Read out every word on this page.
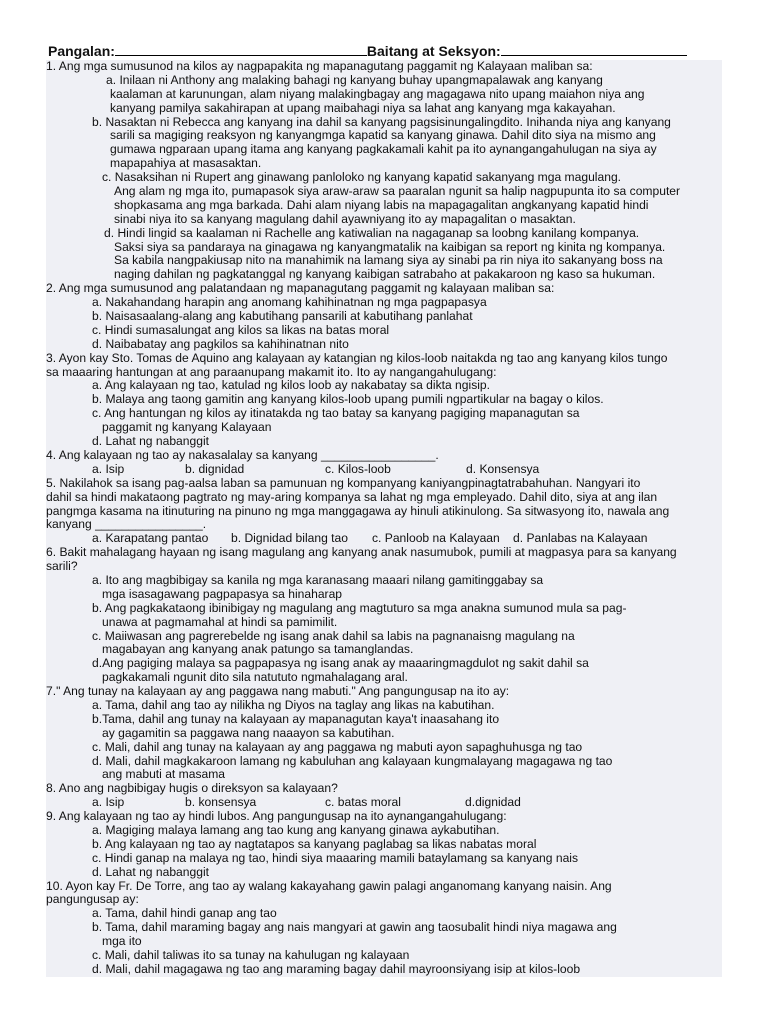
Pangalan:	Baitang at Seksyon:
1. Ang mga sumusunod na kilos ay nagpapakita ng mapanagutang paggamit ng Kalayaan maliban sa:
a. Inilaan ni Anthony ang malaking bahagi ng kanyang buhay upangmapalawak ang kanyang
kaalaman at karunungan, alam niyang malakingbagay ang magagawa nito upang maiahon niya ang
kanyang pamilya sakahirapan at upang maibahagi niya sa lahat ang kanyang mga kakayahan.
b. Nasaktan ni Rebecca ang kanyang ina dahil sa kanyang pagsisinungalingdito. Inihanda niya ang kanyang
sarili sa magiging reaksyon ng kanyangmga kapatid sa kanyang ginawa. Dahil dito siya na mismo ang
gumawa ngparaan upang itama ang kanyang pagkakamali kahit pa ito aynangangahulugan na siya ay
mapapahiya at masasaktan.
c. Nasaksihan ni Rupert ang ginawang panloloko ng kanyang kapatid sakanyang mga magulang.
Ang alam ng mga ito, pumapasok siya araw-araw sa paaralan ngunit sa halip nagpupunta ito sa computer
shopkasama ang mga barkada. Dahi alam niyang labis na mapagagalitan angkanyang kapatid hindi
sinabi niya ito sa kanyang magulang dahil ayawniyang ito ay mapagalitan o masaktan.
d. Hindi lingid sa kaalaman ni Rachelle ang katiwalian na nagaganap sa loobng kanilang kompanya.
Saksi siya sa pandaraya na ginagawa ng kanyangmatalik na kaibigan sa report ng kinita ng kompanya.
Sa kabila nangpakiusap nito na manahimik na lamang siya ay sinabi pa rin niya ito sakanyang boss na
naging dahilan ng pagkatanggal ng kanyang kaibigan satrabaho at pakakaroon ng kaso sa hukuman.
2. Ang mga sumusunod ang palatandaan ng mapanagutang paggamit ng kalayaan maliban sa:
a. Nakahandang harapin ang anomang kahihinatnan ng mga pagpapasya
b. Naisasaalang-alang ang kabutihang pansarili at kabutihang panlahat
c. Hindi sumasalungat ang kilos sa likas na batas moral
d. Naibabatay ang pagkilos sa kahihinatnan nito
3. Ayon kay Sto. Tomas de Aquino ang kalayaan ay katangian ng kilos-loob naitakda ng tao ang kanyang kilos tungo
sa maaaring hantungan at ang paraanupang makamit ito. Ito ay nangangahulugang:
a. Ang kalayaan ng tao, katulad ng kilos loob ay nakabatay sa dikta ngisip.
b. Malaya ang taong gamitin ang kanyang kilos-loob upang pumili ngpartikular na bagay o kilos.
c. Ang hantungan ng kilos ay itinatakda ng tao batay sa kanyang pagiging mapanagutan sa
paggamit ng kanyang Kalayaan
d. Lahat ng nabanggit
4. Ang kalayaan ng tao ay nakasalalay sa kanyang _________________.
a. Isip	b. dignidad	c. Kilos-loob	d. Konsensya
5. Nakilahok sa isang pag-aalsa laban sa pamunuan ng kompanyang kaniyangpinagtatrabahuhan. Nangyari ito
dahil sa hindi makataong pagtrato ng may-aring kompanya sa lahat ng mga empleyado. Dahil dito, siya at ang ilan
pangmga kasama na itinuturing na pinuno ng mga manggagawa ay hinuli atikinulong. Sa sitwasyong ito, nawala ang
kanyang ________________.
a. Karapatang pantao b. Dignidad bilang tao c. Panloob na Kalayaan d. Panlabas na Kalayaan
6. Bakit mahalagang hayaan ng isang magulang ang kanyang anak nasumubok, pumili at magpasya para sa kanyang
sarili?
a. Ito ang magbibigay sa kanila ng mga karanasang maaari nilang gamitinggabay sa
mga isasagawang pagpapasya sa hinaharap
b. Ang pagkakataong ibinibigay ng magulang ang magtuturo sa mga anakna sumunod mula sa pag-
unawa at pagmamahal at hindi sa pamimilit.
c. Maiiwasan ang pagrerebelde ng isang anak dahil sa labis na pagnanaisng magulang na
magabayan ang kanyang anak patungo sa tamanglandas.
d.Ang pagiging malaya sa pagpapasya ng isang anak ay maaaringmagdulot ng sakit dahil sa
pagkakamali ngunit dito sila natututo ngmahalagang aral.
7." Ang tunay na kalayaan ay ang paggawa nang mabuti." Ang pangungusap na ito ay:
a. Tama, dahil ang tao ay nilikha ng Diyos na taglay ang likas na kabutihan.
b.Tama, dahil ang tunay na kalayaan ay mapanagutan kaya't inaasahang ito
ay gagamitin sa paggawa nang naaayon sa kabutihan.
c. Mali, dahil ang tunay na kalayaan ay ang paggawa ng mabuti ayon sapaghuhusga ng tao
d. Mali, dahil magkakaroon lamang ng kabuluhan ang kalayaan kungmalayang magagawa ng tao
ang mabuti at masama
8. Ano ang nagbibigay hugis o direksyon sa kalayaan?
a. Isip	b. konsensya	c. batas moral	d.dignidad
9. Ang kalayaan ng tao ay hindi lubos. Ang pangungusap na ito aynangangahulugang:
a. Magiging malaya lamang ang tao kung ang kanyang ginawa aykabutihan.
b. Ang kalayaan ng tao ay nagtatapos sa kanyang paglabag sa likas nabatas moral
c. Hindi ganap na malaya ng tao, hindi siya maaaring mamili bataylamang sa kanyang nais
d. Lahat ng nabanggit
10. Ayon kay Fr. De Torre, ang tao ay walang kakayahang gawin palagi anganomang kanyang naisin. Ang
pangungusap ay:
a. Tama, dahil hindi ganap ang tao
b. Tama, dahil maraming bagay ang nais mangyari at gawin ang taosubalit hindi niya magawa ang
mga ito
c. Mali, dahil taliwas ito sa tunay na kahulugan ng kalayaan
d. Mali, dahil magagawa ng tao ang maraming bagay dahil mayroonsiyang isip at kilos-loob
